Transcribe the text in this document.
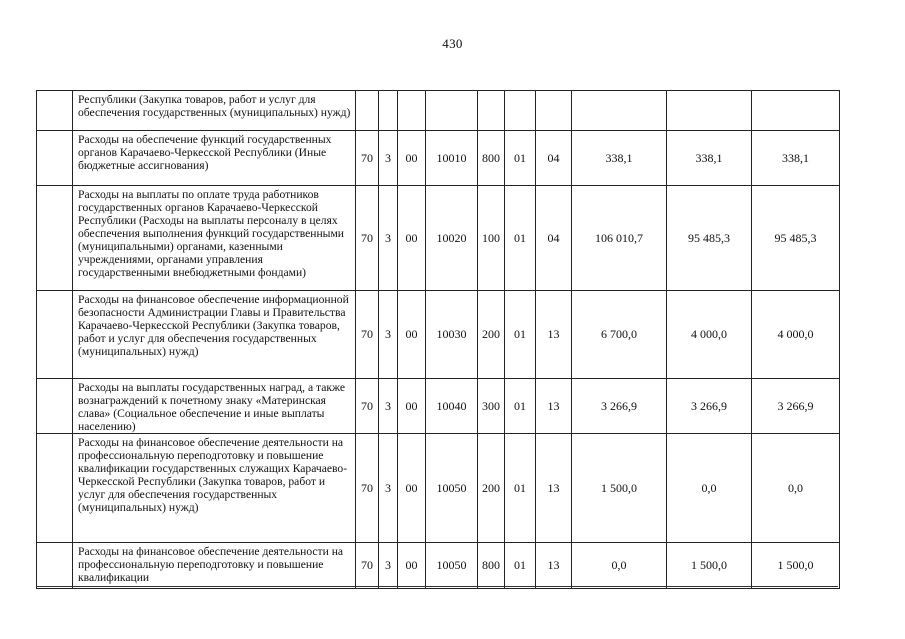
430
	Республики (Закупка товаров, работ и услуг для обеспечения государственных (муниципальных) нужд)										
	Расходы на обеспечение функций государственных органов Карачаево-Черкесской Республики (Иные бюджетные ассигнования)	70	3	00	10010	800	01	04	338,1	338,1	338,1
	Расходы на выплаты по оплате труда работников государственных органов Карачаево-Черкесской Республики (Расходы на выплаты персоналу в целях обеспечения выполнения функций государственными (муниципальными) органами, казенными учреждениями, органами управления государственными внебюджетными фондами)	70	3	00	10020	100	01	04	106 010,7	95 485,3	95 485,3
	Расходы на финансовое обеспечение информационной безопасности Администрации Главы и Правительства Карачаево-Черкесской Республики (Закупка товаров, работ и услуг для обеспечения государственных (муниципальных) нужд)	70	3	00	10030	200	01	13	6 700,0	4 000,0	4 000,0
	Расходы на выплаты государственных наград, а также вознаграждений к почетному знаку «Материнская слава» (Социальное обеспечение и иные выплаты населению)	70	3	00	10040	300	01	13	3 266,9	3 266,9	3 266,9
	Расходы на финансовое обеспечение деятельности на профессиональную переподготовку и повышение квалификации государственных служащих Карачаево-Черкесской Республики (Закупка товаров, работ и услуг для обеспечения государственных (муниципальных) нужд)	70	3	00	10050	200	01	13	1 500,0	0,0	0,0
	Расходы на финансовое обеспечение деятельности на профессиональную переподготовку и повышение квалификации	70	3	00	10050	800	01	13	0,0	1 500,0	1 500,0
